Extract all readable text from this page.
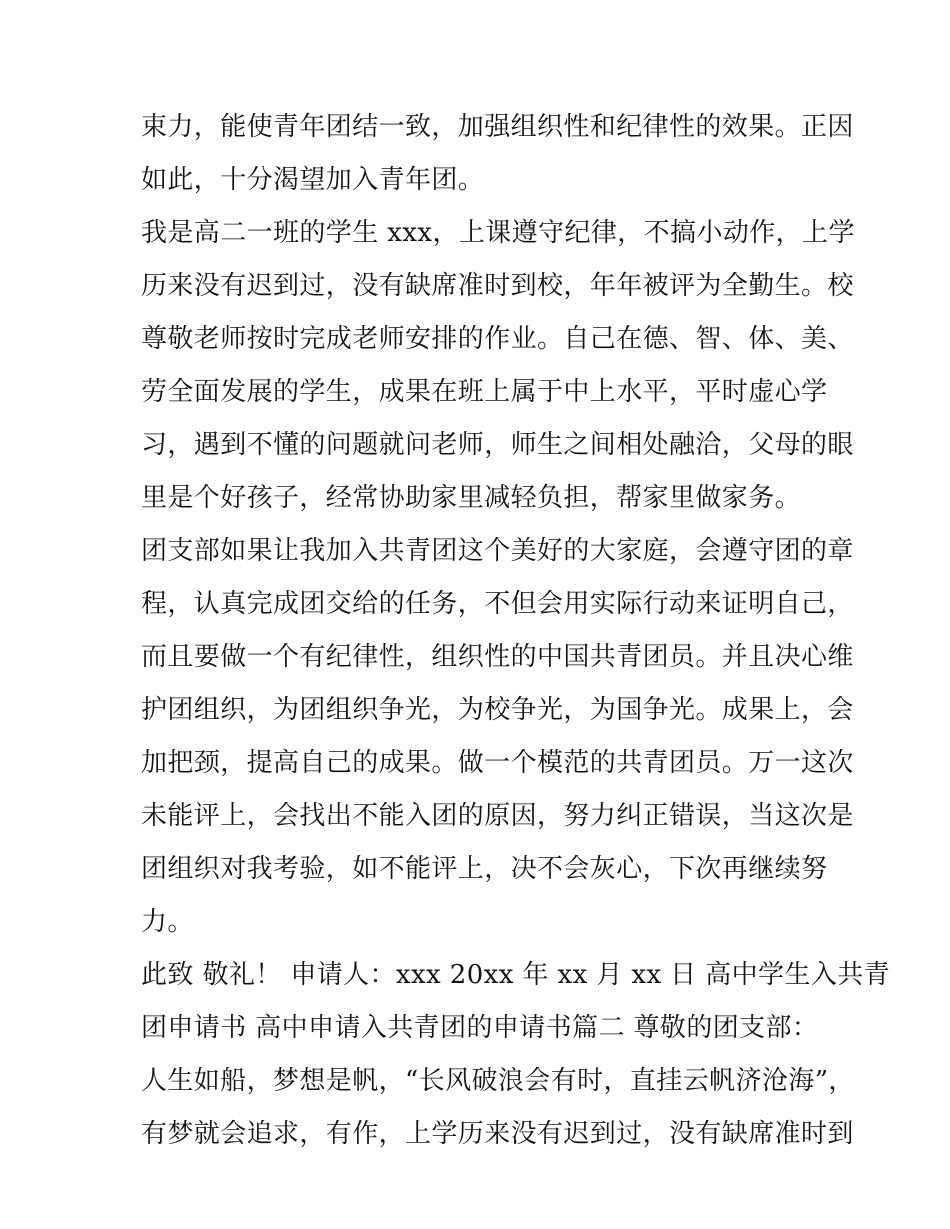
束力，能使青年团结一致，加强组织性和纪律性的效果。正因
如此，十分渴望加入青年团。
我是高二一班的学生 xxx，上课遵守纪律，不搞小动作，上学
历来没有迟到过，没有缺席准时到校，年年被评为全勤生。校
尊敬老师按时完成老师安排的作业。自己在德、智、体、美、
劳全面发展的学生，成果在班上属于中上水平，平时虚心学
习，遇到不懂的问题就问老师，师生之间相处融洽，父母的眼
里是个好孩子，经常协助家里减轻负担，帮家里做家务。
团支部如果让我加入共青团这个美好的大家庭，会遵守团的章
程，认真完成团交给的任务，不但会用实际行动来证明自己，
而且要做一个有纪律性，组织性的中国共青团员。并且决心维
护团组织，为团组织争光，为校争光，为国争光。成果上，会
加把颈，提高自己的成果。做一个模范的共青团员。万一这次
未能评上，会找出不能入团的原因，努力纠正错误，当这次是
团组织对我考验，如不能评上，决不会灰心，下次再继续努
力。
此致 敬礼！ 申请人：xxx 20xx 年 xx 月 xx 日 高中学生入共青
团申请书 高中申请入共青团的申请书篇二 尊敬的团支部：
人生如船，梦想是帆，“长风破浪会有时，直挂云帆济沧海”，
有梦就会追求，有作，上学历来没有迟到过，没有缺席准时到
